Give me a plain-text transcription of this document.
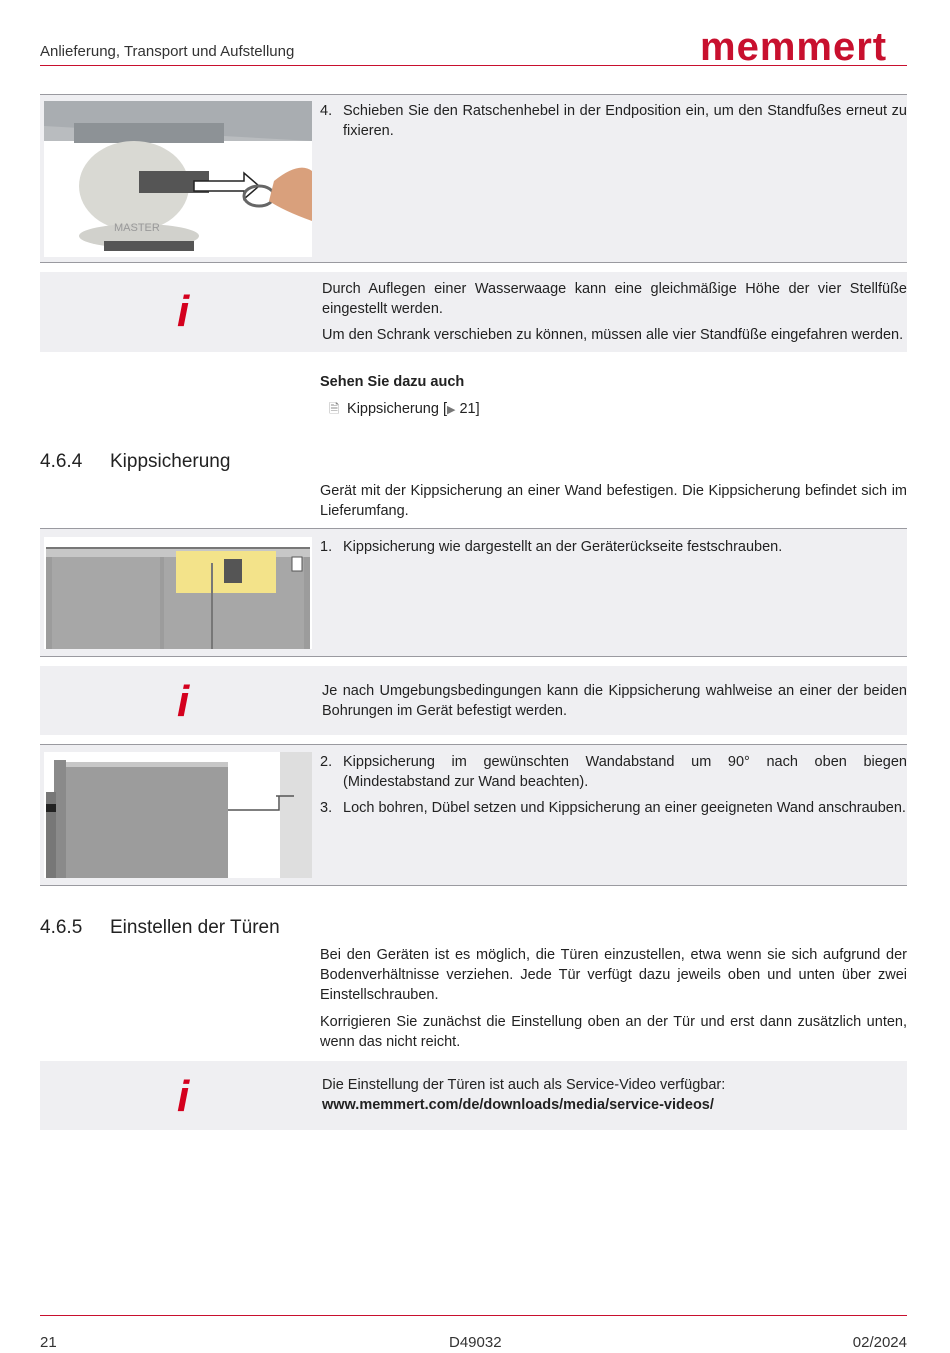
Anlieferung, Transport und Aufstellung	memmert
MASTER
4. Schieben Sie den Ratschenhebel in der Endposition ein, um den Standfußes erneut zu fixieren.
i	Durch Auflegen einer Wasserwaage kann eine gleichmäßige Höhe der vier Stellfüße eingestellt werden.
Um den Schrank verschieben zu können, müssen alle vier Standfüße eingefahren werden.
Sehen Sie dazu auch
🗎 Kippsicherung [▶ 21]
4.6.4 Kippsicherung
Gerät mit der Kippsicherung an einer Wand befestigen. Die Kippsicherung befindet sich im Lieferumfang.
1. Kippsicherung wie dargestellt an der Geräterückseite festschrauben.
i	Je nach Umgebungsbedingungen kann die Kippsicherung wahlweise an einer der beiden Bohrungen im Gerät befestigt werden.
2. Kippsicherung im gewünschten Wandabstand um 90° nach oben biegen (Mindestabstand zur Wand beachten).
3. Loch bohren, Dübel setzen und Kippsicherung an einer geeigneten Wand anschrauben.
4.6.5 Einstellen der Türen
Bei den Geräten ist es möglich, die Türen einzustellen, etwa wenn sie sich aufgrund der Bodenverhältnisse verziehen. Jede Tür verfügt dazu jeweils oben und unten über zwei Einstellschrauben.
Korrigieren Sie zunächst die Einstellung oben an der Tür und erst dann zusätzlich unten, wenn das nicht reicht.
i	Die Einstellung der Türen ist auch als Service-Video verfügbar:
www.memmert.com/de/downloads/media/service-videos/
21	D49032	02/2024
